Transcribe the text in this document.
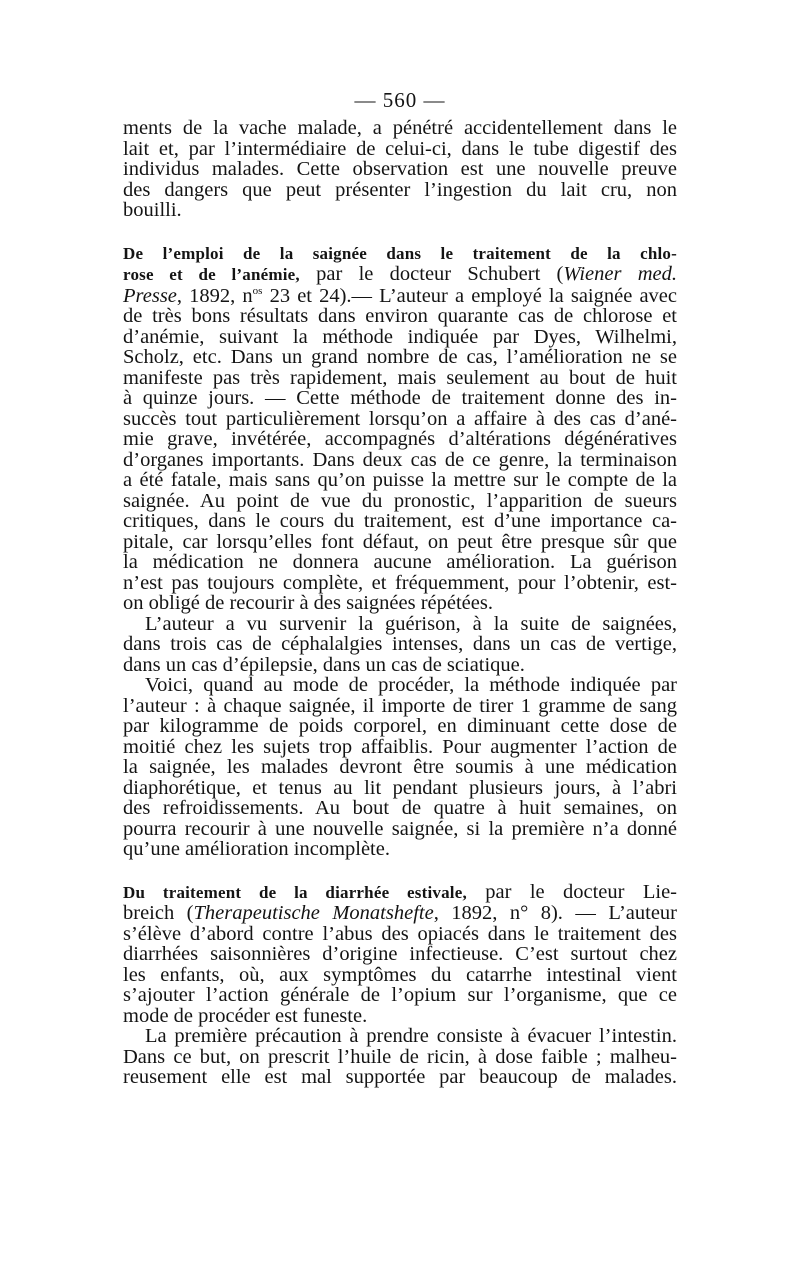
— 560 —
ments de la vache malade, a pénétré accidentellement dans le
lait et, par l’intermédiaire de celui-ci, dans le tube digestif des
individus malades. Cette observation est une nouvelle preuve
des dangers que peut présenter l’ingestion du lait cru, non
bouilli.
De l’emploi de la saignée dans le traitement de la chlo-
rose et de l’anémie, par le docteur Schubert (Wiener med.
Presse, 1892, $n^{os}$ 23 et 24).— L’auteur a employé la saignée avec
de très bons résultats dans environ quarante cas de chlorose et
d’anémie, suivant la méthode indiquée par Dyes, Wilhelmi,
Scholz, etc. Dans un grand nombre de cas, l’amélioration ne se
manifeste pas très rapidement, mais seulement au bout de huit
à quinze jours. — Cette méthode de traitement donne des in-
succès tout particulièrement lorsqu’on a affaire à des cas d’ané-
mie grave, invétérée, accompagnés d’altérations dégénératives
d’organes importants. Dans deux cas de ce genre, la terminaison
a été fatale, mais sans qu’on puisse la mettre sur le compte de la
saignée. Au point de vue du pronostic, l’apparition de sueurs
critiques, dans le cours du traitement, est d’une importance ca-
pitale, car lorsqu’elles font défaut, on peut être presque sûr que
la médication ne donnera aucune amélioration. La guérison
n’est pas toujours complète, et fréquemment, pour l’obtenir, est-
on obligé de recourir à des saignées répétées.
L’auteur a vu survenir la guérison, à la suite de saignées,
dans trois cas de céphalalgies intenses, dans un cas de vertige,
dans un cas d’épilepsie, dans un cas de sciatique.
Voici, quand au mode de procéder, la méthode indiquée par
l’auteur : à chaque saignée, il importe de tirer 1 gramme de sang
par kilogramme de poids corporel, en diminuant cette dose de
moitié chez les sujets trop affaiblis. Pour augmenter l’action de
la saignée, les malades devront être soumis à une médication
diaphorétique, et tenus au lit pendant plusieurs jours, à l’abri
des refroidissements. Au bout de quatre à huit semaines, on
pourra recourir à une nouvelle saignée, si la première n’a donné
qu’une amélioration incomplète.
Du traitement de la diarrhée estivale, par le docteur Lie-
breich (Therapeutische Monatshefte, 1892, n° 8). — L’auteur
s’élève d’abord contre l’abus des opiacés dans le traitement des
diarrhées saisonnières d’origine infectieuse. C’est surtout chez
les enfants, où, aux symptômes du catarrhe intestinal vient
s’ajouter l’action générale de l’opium sur l’organisme, que ce
mode de procéder est funeste.
La première précaution à prendre consiste à évacuer l’intestin.
Dans ce but, on prescrit l’huile de ricin, à dose faible ; malheu-
reusement elle est mal supportée par beaucoup de malades.
